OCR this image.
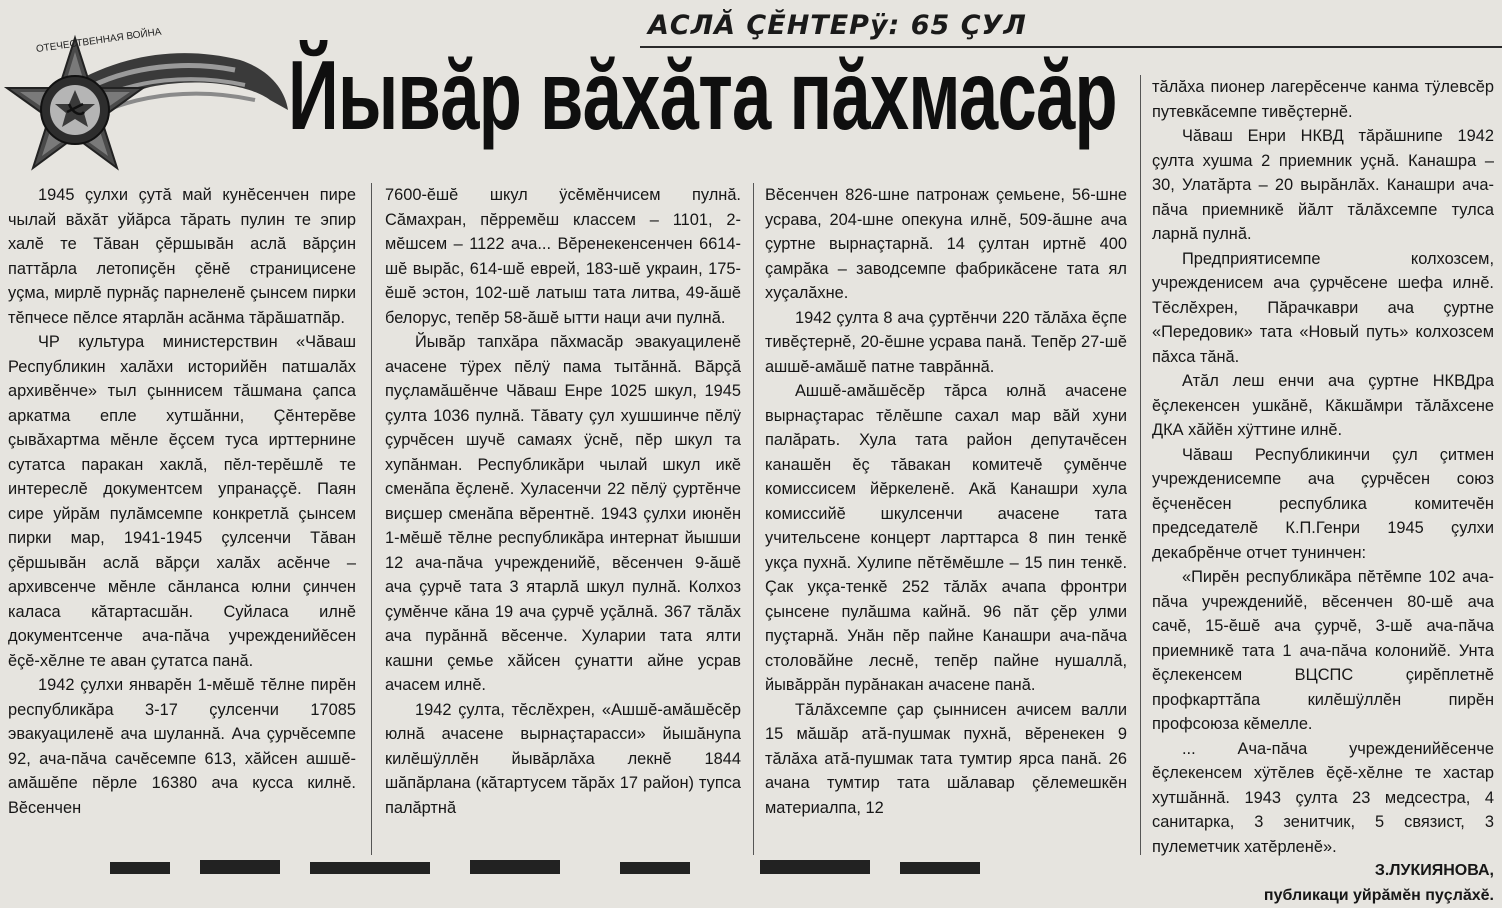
ОТЕЧЕСТВЕННАЯ ВОЙНА	АСЛĂ ÇĔНТЕРÿ: 65 ÇУЛ
Йывăр вăхăта пăхмасăр

1945 çулхи çутă май кунĕсенчен пире чылай вăхăт уйăрса тăрать пулин те эпир халĕ те Тăван çĕршывăн аслă вăрçин паттăрла летопиçĕн çĕнĕ страницисене уçма, мирлĕ пурнăç парнеленĕ çынсем пирки тĕпчесе пĕлсе ятарлăн асăнма тăрăшатпăр.

ЧР культура министерствин «Чăваш Республикин халăхи историйĕн патшалăх архивĕнче» тыл çыннисем тăшмана çапса аркатма епле хутшăнни, Çĕнтерĕве çывăхартма мĕнле ĕçсем туса ирттернине сутатса паракан хаклă, пĕл-терĕшлĕ те интереслĕ документсем упранаççĕ. Паян сире уйрăм пулăмсемпе конкретлă çынсем пирки мар, 1941-1945 çулсенчи Тăван çĕршывăн аслă вăрçи халăх асĕнче – архивсенче мĕнле сăнланса юлни çинчен каласа кăтартасшăн. Суйласа илнĕ документсенче ача-пăча учрежденийĕсен ĕçĕ-хĕлне те аван çутатса панă.

1942 çулхи январĕн 1-мĕшĕ тĕлне пирĕн республикăра 3-17 çулсенчи 17085 эвакуациленĕ ача шуланнă. Ача çурчĕсемпе 92, ача-пăча сачĕсемпе 613, хăйсен ашшĕ-амăшĕпе пĕрле 16380 ача кусса килнĕ. Вĕсенчен

7600-ĕшĕ шкул ÿсĕмĕнчисем пулнă. Сăмахран, пĕрремĕш классем – 1101, 2-мĕшсем – 1122 ача... Вĕренекенсенчен 6614-шĕ вырăс, 614-шĕ еврей, 183-шĕ украин, 175-ĕшĕ эстон, 102-шĕ латыш тата литва, 49-ăшĕ белорус, тепĕр 58-ăшĕ ытти наци ачи пулнă.

Йывăр тапхăра пăхмасăр эвакуациленĕ ачасене тÿрех пĕлÿ пама тытăннă. Вăрçă пуçламăшĕнче Чăваш Енре 1025 шкул, 1945 çулта 1036 пулнă. Тăвату çул хушшинче пĕлÿ çурчĕсен шучĕ самаях ÿснĕ, пĕр шкул та хупăнман. Республикăри чылай шкул икĕ сменăпа ĕçленĕ. Хуласенчи 22 пĕлÿ çуртĕнче виçшер сменăпа вĕрентнĕ. 1943 çулхи июнĕн 1-мĕшĕ тĕлне республикăра интернат йышши 12 ача-пăча учрежденийĕ, вĕсенчен 9-ăшĕ ача çурчĕ тата 3 ятарлă шкул пулнă. Колхоз çумĕнче кăна 19 ача çурчĕ уçăлнă. 367 тăлăх ача пурăннă вĕсенче. Хуларии тата ялти кашни çемье хăйсен çунатти айне усрав ачасем илнĕ.

1942 çулта, тĕслĕхрен, «Ашшĕ-амăшĕсĕр юлнă ачасене вырнаçтарасси» йышăнупа килĕшÿллĕн йывăрлăха лекнĕ 1844 шăпăрлана (кăтартусем тăрăх 17 район) тупса палăртнă

Вĕсенчен 826-шне патронаж çемьене, 56-шне усрава, 204-шне опекуна илнĕ, 509-ăшне ача çуртне вырнаçтарнă. 14 çултан иртнĕ 400 çамрăка – заводсемпе фабрикăсене тата ял хуçалăхне.

1942 çулта 8 ача çуртĕнчи 220 тăлăха ĕçпе тивĕçтернĕ, 20-ĕшне усрава панă. Тепĕр 27-шĕ ашшĕ-амăшĕ патне таврăннă.

Ашшĕ-амăшĕсĕр тăрса юлнă ачасене вырнаçтарас тĕлĕшпе сахал мар вăй хуни палăрать. Хула тата район депутачĕсен канашĕн ĕç тăвакан комитечĕ çумĕнче комиссисем йĕркеленĕ. Акă Канашри хула комиссийĕ шкулсенчи ачасене тата учительсене концерт ларттарса 8 пин тенкĕ укçа пухнă. Хулипе пĕтĕмĕшле – 15 пин тенкĕ. Çак укçа-тенкĕ 252 тăлăх ачапа фронтри çынсене пулăшма кайнă. 96 пăт çĕр улми пуçтарнă. Унăн пĕр пайне Канашри ача-пăча столовăйне леснĕ, тепĕр пайне нушаллă, йывăррăн пурăнакан ачасене панă.

Тăлăхсемпе çар çыннисен ачисем валли 15 мăшăр атă-пушмак пухнă, вĕренекен 9 тăлăха атă-пушмак тата тумтир ярса панă. 26 ачана тумтир тата шăлавар çĕлемешкĕн материалпа, 12

тăлăха пионер лагерĕсенче канма тÿлевсĕр путевкăсемпе тивĕçтернĕ.

Чăваш Енри НКВД тăрăшнипе 1942 çулта хушма 2 приемник уçнă. Канашра – 30, Улатăрта – 20 вырăнлăх. Канашри ача-пăча приемникĕ йăлт тăлăхсемпе тулса ларнă пулнă.

Предприятисемпе колхозсем, учрежденисем ача çурчĕсене шефа илнĕ. Тĕслĕхрен, Пăрачкаври ача çуртне «Передовик» тата «Новый путь» колхозсем пăхса тăнă.

Атăл леш енчи ача çуртне НКВДра ĕçлекенсен ушкăнĕ, Кăкшăмри тăлăхсене ДКА хăйĕн хÿттине илнĕ.

Чăваш Республикинчи çул çитмен учрежденисемпе ача çурчĕсен союз ĕçченĕсен республика комитечĕн председателĕ К.П.Генри 1945 çулхи декабрĕнче отчет тунинчен:

«Пирĕн республикăра пĕтĕмпе 102 ача-пăча учрежденийĕ, вĕсенчен 80-шĕ ача сачĕ, 15-ĕшĕ ача çурчĕ, 3-шĕ ача-пăча приемникĕ тата 1 ача-пăча колонийĕ. Унта ĕçлекенсем ВЦСПС çирĕплетнĕ профкарттăпа килĕшÿллĕн пирĕн профсоюза кĕмелле.

... Ача-пăча учрежденийĕсенче ĕçлекенсем хÿтĕлев ĕçĕ-хĕлне те хастар хутшăннă. 1943 çулта 23 медсестра, 4 санитарка, 3 зенитчик, 5 связист, 3 пулеметчик хатĕрленĕ».

З.ЛУКИЯНОВА,
публикаци уйрăмĕн пуçлăхĕ.
